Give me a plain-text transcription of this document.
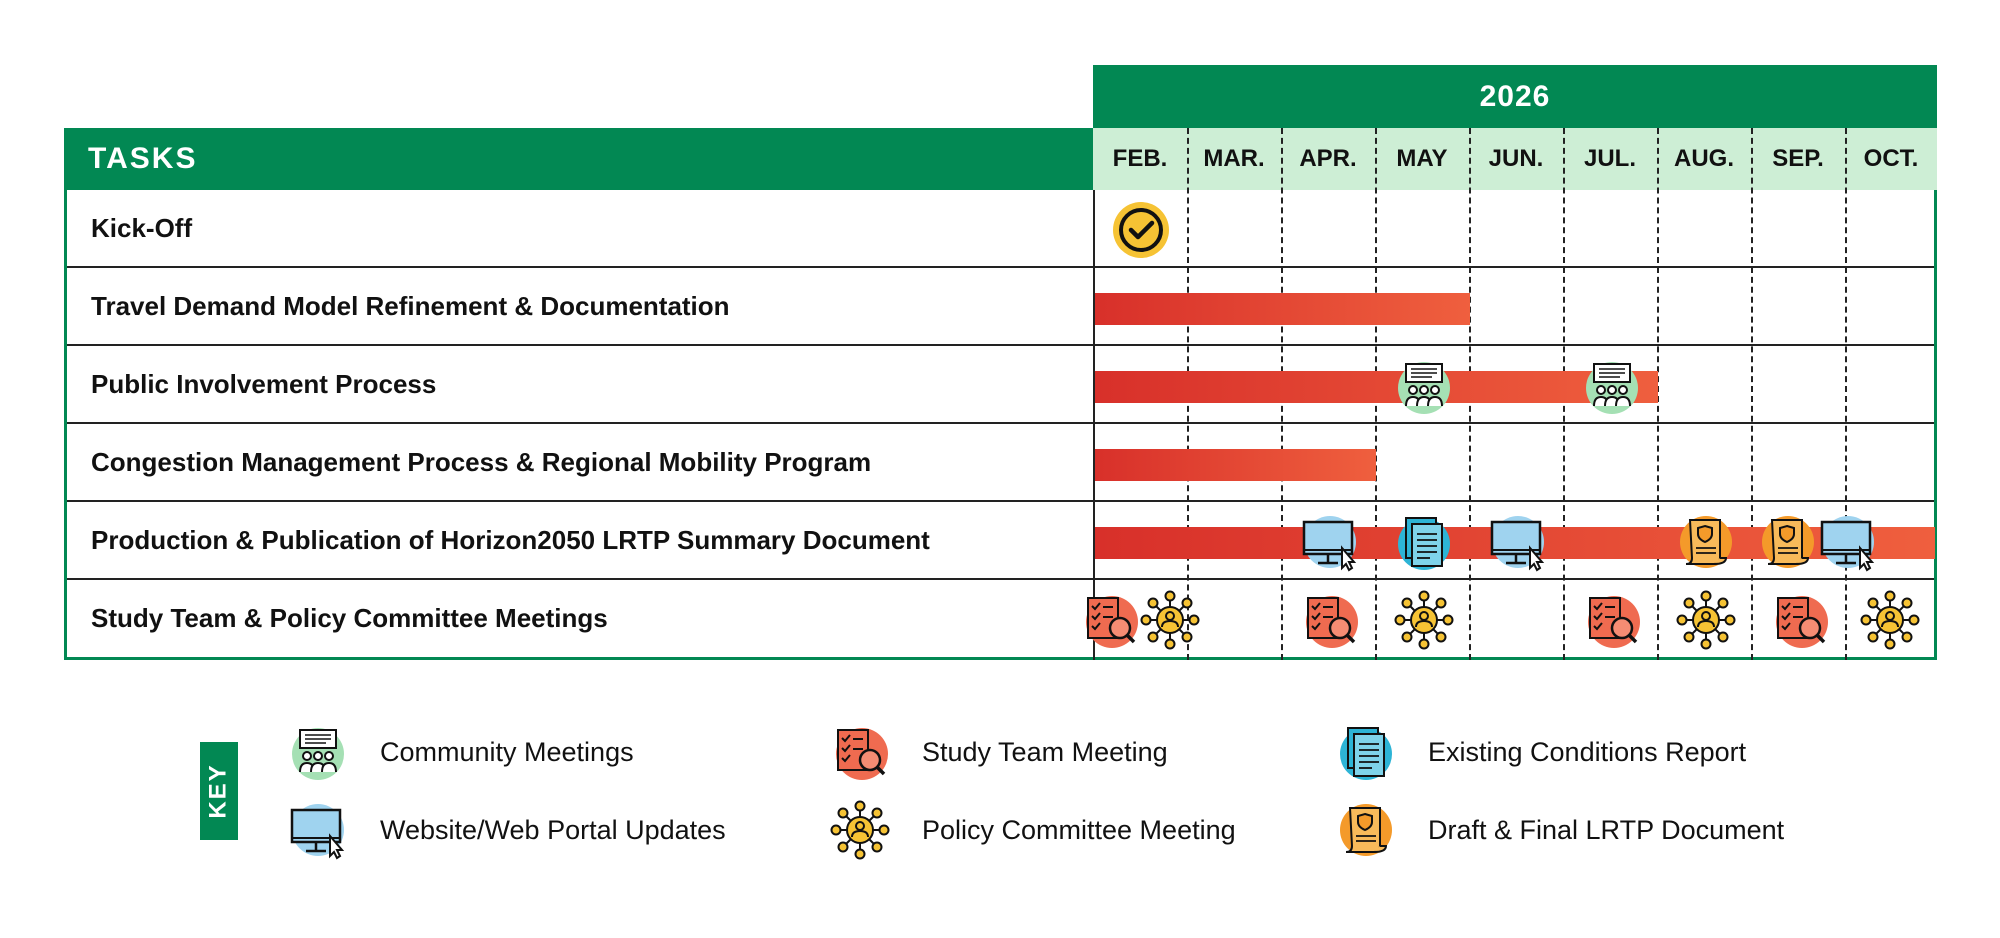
2026
TASKS	FEB.	MAR.	APR.	MAY	JUN.	JUL.	AUG.	SEP.	OCT.
Kick-Off
Travel Demand Model Refinement & Documentation
Public Involvement Process
Congestion Management Process & Regional Mobility Program
Production & Publication of Horizon2050 LRTP Summary Document
Study Team & Policy Committee Meetings
KEY
Community Meetings	Study Team Meeting	Existing Conditions Report
Website/Web Portal Updates	Policy Committee Meeting	Draft & Final LRTP Document
